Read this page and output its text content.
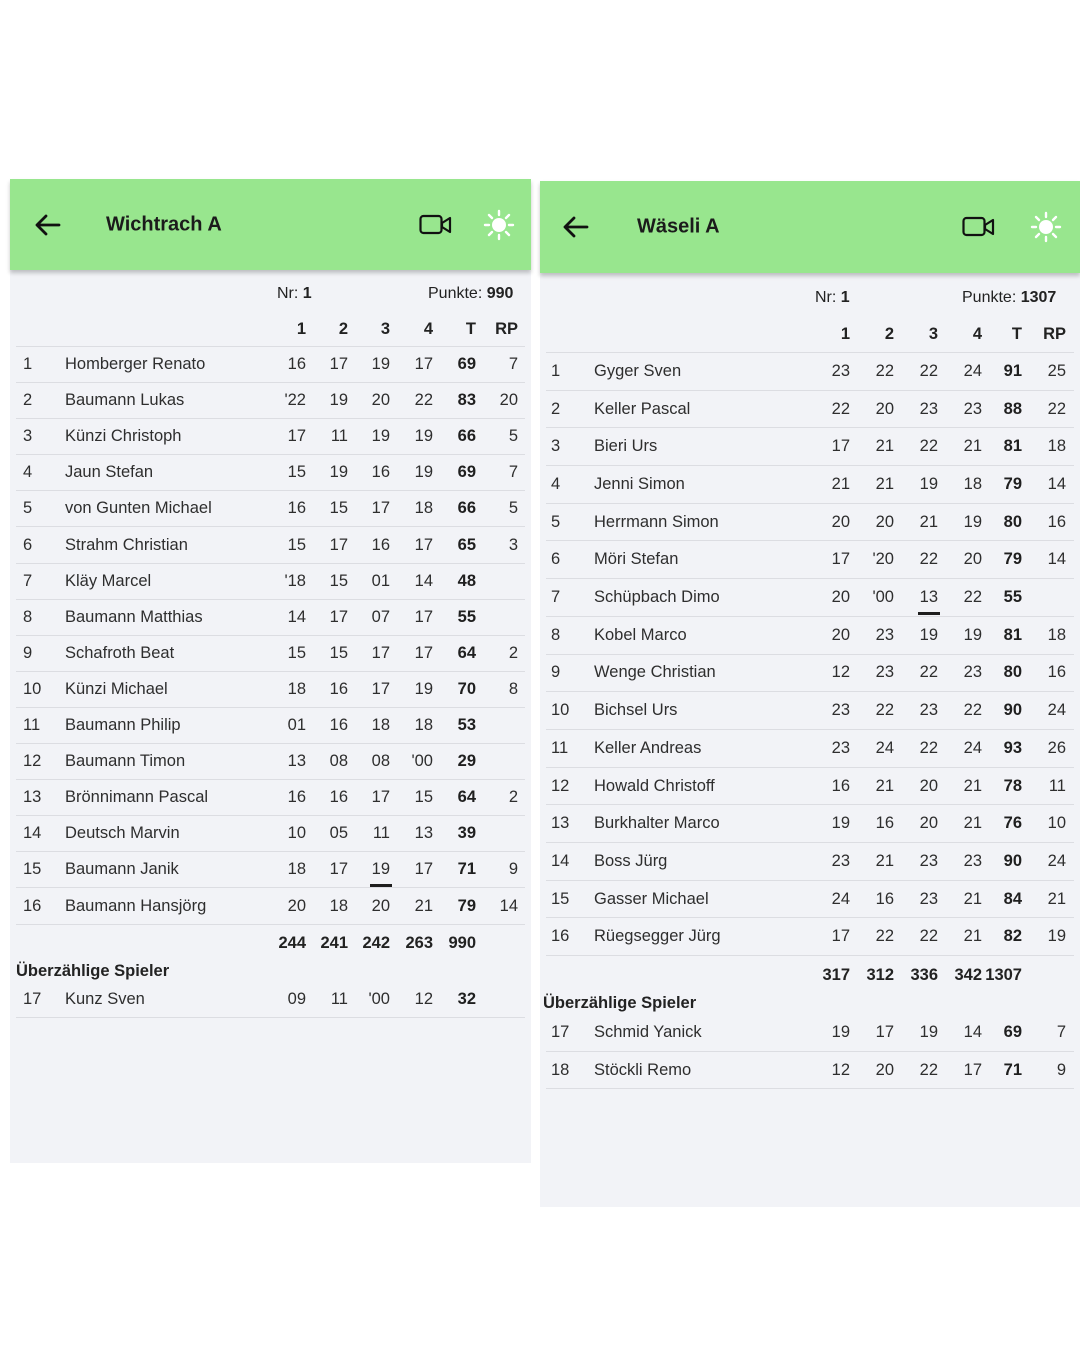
Wichtrach A
Nr: 1	Punkte: 990
1	2	3	4	T	RP
1	Homberger Renato	16	17	19	17	69	7
2	Baumann Lukas	'22	19	20	22	83	20
3	Künzi Christoph	17	11	19	19	66	5
4	Jaun Stefan	15	19	16	19	69	7
5	von Gunten Michael	16	15	17	18	66	5
6	Strahm Christian	15	17	16	17	65	3
7	Kläy Marcel	'18	15	01	14	48
8	Baumann Matthias	14	17	07	17	55
9	Schafroth Beat	15	15	17	17	64	2
10	Künzi Michael	18	16	17	19	70	8
11	Baumann Philip	01	16	18	18	53
12	Baumann Timon	13	08	08	'00	29
13	Brönnimann Pascal	16	16	17	15	64	2
14	Deutsch Marvin	10	05	11	13	39
15	Baumann Janik	18	17 19	17	71	9
16	Baumann Hansjörg	20	18	20	21	79	14
244 241 242 263 990
Überzählige Spieler
17	Kunz Sven	09	11	'00	12	32
Wäseli A
Nr: 1	Punkte: 1307
1	2	3	4	T	RP
1	Gyger Sven	23	22	22	24	91	25
2	Keller Pascal	22	20	23	23	88	22
3	Bieri Urs	17	21	22	21	81	18
4	Jenni Simon	21	21	19	18	79	14
5	Herrmann Simon	20	20	21	19	80	16
6	Möri Stefan	17	'20	22	20	79	14
7	Schüpbach Dimo	20	'00 13	22	55
8	Kobel Marco	20	23	19	19	81	18
9	Wenge Christian	12	23	22	23	80	16
10	Bichsel Urs	23	22	23	22	90	24
11	Keller Andreas	23	24	22	24	93	26
12	Howald Christoff	16	21	20	21	78	11
13	Burkhalter Marco	19	16	20	21	76	10
14	Boss Jürg	23	21	23	23	90	24
15	Gasser Michael	24	16	23	21	84	21
16	Rüegsegger Jürg	17	22	22	21	82	19
317 312 336 342 1307
Überzählige Spieler
17	Schmid Yanick	19	17	19	14	69	7
18	Stöckli Remo	12	20	22	17	71	9
